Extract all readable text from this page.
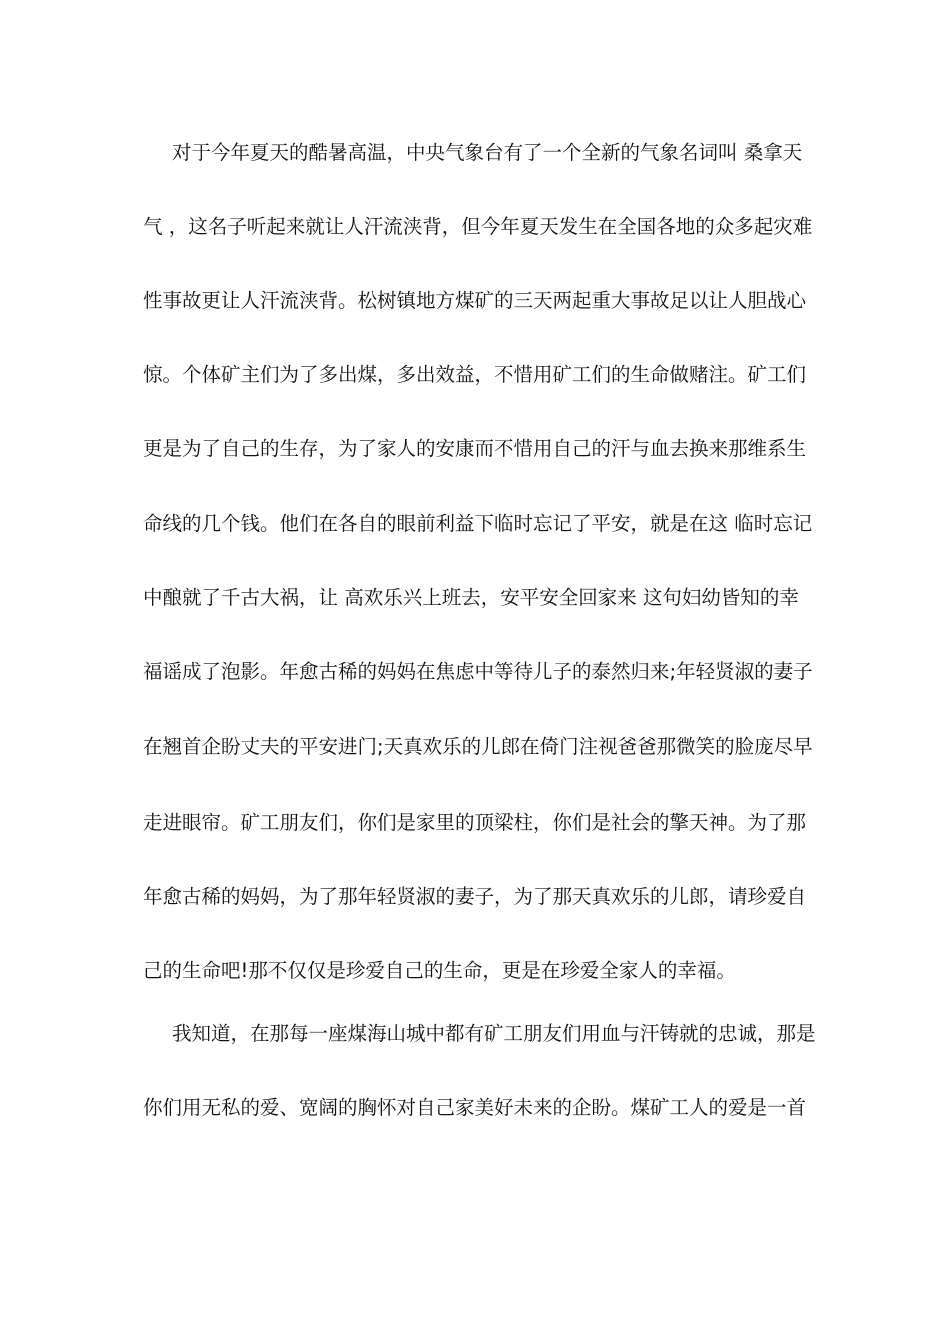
对于今年夏天的酷暑高温，中央气象台有了一个全新的气象名词叫 桑拿天
气 ，这名子听起来就让人汗流浃背，但今年夏天发生在全国各地的众多起灾难
性事故更让人汗流浃背。松树镇地方煤矿的三天两起重大事故足以让人胆战心
惊。个体矿主们为了多出煤，多出效益，不惜用矿工们的生命做赌注。矿工们
更是为了自己的生存，为了家人的安康而不惜用自己的汗与血去换来那维系生
命线的几个钱。他们在各自的眼前利益下临时忘记了平安，就是在这 临时忘记
中酿就了千古大祸，让 高欢乐兴上班去，安平安全回家来 这句妇幼皆知的幸
福谣成了泡影。年愈古稀的妈妈在焦虑中等待儿子的泰然归来;年轻贤淑的妻子
在翘首企盼丈夫的平安进门;天真欢乐的儿郎在倚门注视爸爸那微笑的脸庞尽早
走进眼帘。矿工朋友们，你们是家里的顶梁柱，你们是社会的擎天神。为了那
年愈古稀的妈妈，为了那年轻贤淑的妻子，为了那天真欢乐的儿郎，请珍爱自
己的生命吧!那不仅仅是珍爱自己的生命，更是在珍爱全家人的幸福。
我知道，在那每一座煤海山城中都有矿工朋友们用血与汗铸就的忠诚，那是
你们用无私的爱、宽阔的胸怀对自己家美好未来的企盼。煤矿工人的爱是一首
